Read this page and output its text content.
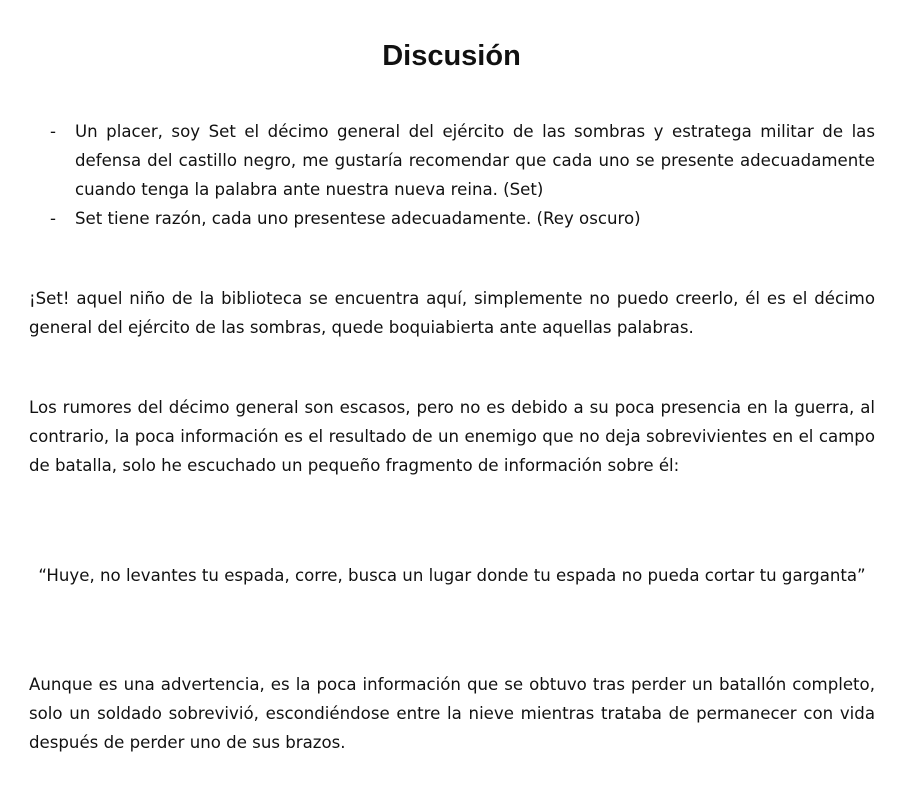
Discusión
- Un placer, soy Set el décimo general del ejército de las sombras y estratega militar de las defensa del castillo negro, me gustaría recomendar que cada uno se presente adecuadamente cuando tenga la palabra ante nuestra nueva reina. (Set)
- Set tiene razón, cada uno presentese adecuadamente. (Rey oscuro)

¡Set! aquel niño de la biblioteca se encuentra aquí, simplemente no puedo creerlo, él es el décimo general del ejército de las sombras, quede boquiabierta ante aquellas palabras.

Los rumores del décimo general son escasos, pero no es debido a su poca presencia en la guerra, al contrario, la poca información es el resultado de un enemigo que no deja sobrevivientes en el campo de batalla, solo he escuchado un pequeño fragmento de información sobre él:

“Huye, no levantes tu espada, corre, busca un lugar donde tu espada no pueda cortar tu garganta”

Aunque es una advertencia, es la poca información que se obtuvo tras perder un batallón completo, solo un soldado sobrevivió, escondiéndose entre la nieve mientras trataba de permanecer con vida después de perder uno de sus brazos.
